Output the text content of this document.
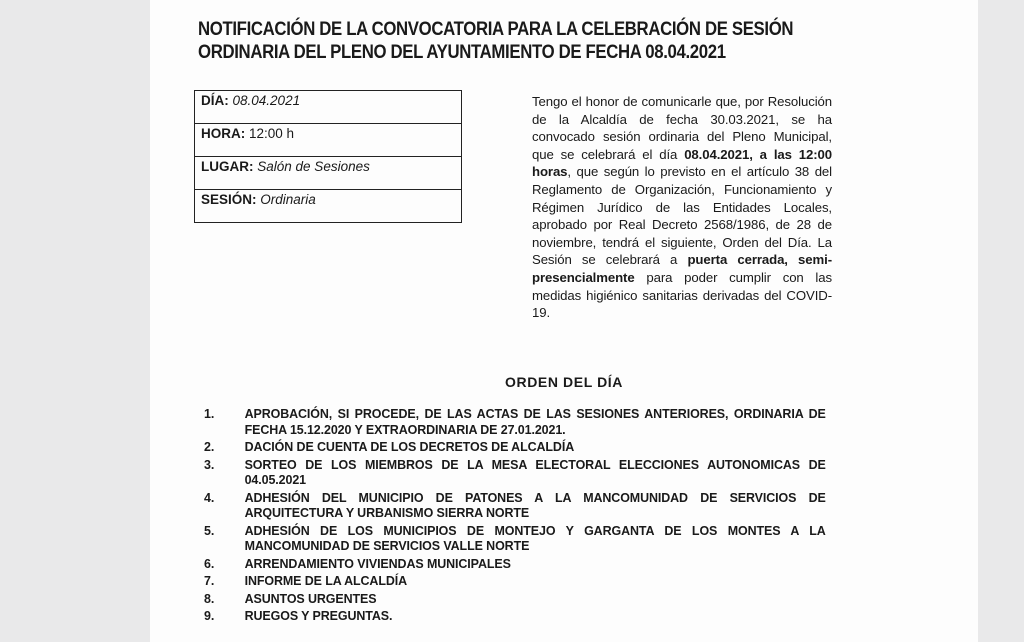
NOTIFICACIÓN DE LA CONVOCATORIA PARA LA CELEBRACIÓN DE SESIÓN
ORDINARIA DEL PLENO DEL AYUNTAMIENTO DE FECHA 08.04.2021
DÍA: 08.04.2021
HORA: 12:00 h
LUGAR: Salón de Sesiones
SESIÓN: Ordinaria
Tengo el honor de comunicarle que, por Resolución de la Alcaldía de fecha 30.03.2021, se ha convocado sesión ordinaria del Pleno Municipal, que se celebrará el día 08.04.2021, a las 12:00 horas, que según lo previsto en el artículo 38 del Reglamento de Organización, Funcionamiento y Régimen Jurídico de las Entidades Locales, aprobado por Real Decreto 2568/1986, de 28 de noviembre, tendrá el siguiente, Orden del Día. La Sesión se celebrará a puerta cerrada, semi-presencialmente para poder cumplir con las medidas higiénico sanitarias derivadas del COVID-19.
ORDEN DEL DÍA
1.	APROBACIÓN, SI PROCEDE, DE LAS ACTAS DE LAS SESIONES ANTERIORES, ORDINARIA DE FECHA 15.12.2020 Y EXTRAORDINARIA DE 27.01.2021.
2.	DACIÓN DE CUENTA DE LOS DECRETOS DE ALCALDÍA
3.	SORTEO DE LOS MIEMBROS DE LA MESA ELECTORAL ELECCIONES AUTONOMICAS DE 04.05.2021
4.	ADHESIÓN DEL MUNICIPIO DE PATONES A LA MANCOMUNIDAD DE SERVICIOS DE ARQUITECTURA Y URBANISMO SIERRA NORTE
5.	ADHESIÓN DE LOS MUNICIPIOS DE MONTEJO Y GARGANTA DE LOS MONTES A LA MANCOMUNIDAD DE SERVICIOS VALLE NORTE
6.	ARRENDAMIENTO VIVIENDAS MUNICIPALES
7.	INFORME DE LA ALCALDÍA
8.	ASUNTOS URGENTES
9.	RUEGOS Y PREGUNTAS.
